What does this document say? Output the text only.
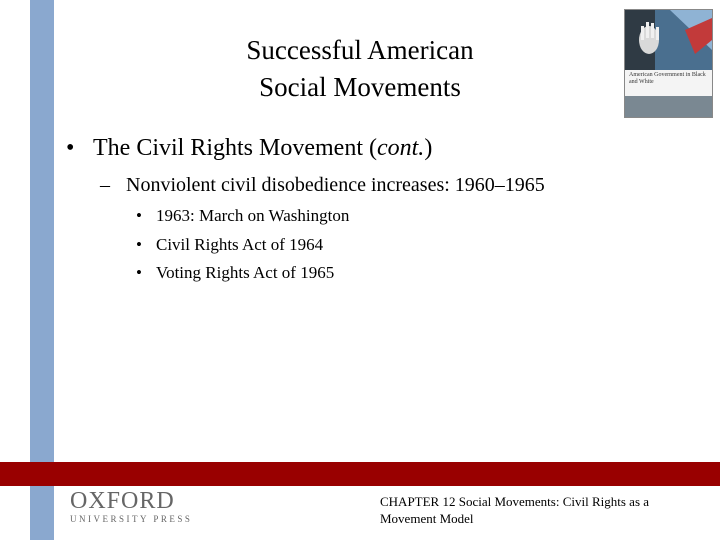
Successful American
Social Movements	American Government in Black and White
• The Civil Rights Movement (cont.)
– Nonviolent civil disobedience increases: 1960–1965
• 1963: March on Washington
• Civil Rights Act of 1964
• Voting Rights Act of 1965
OXFORD
UNIVERSITY PRESS
CHAPTER 12 Social Movements: Civil Rights as a
Movement Model
